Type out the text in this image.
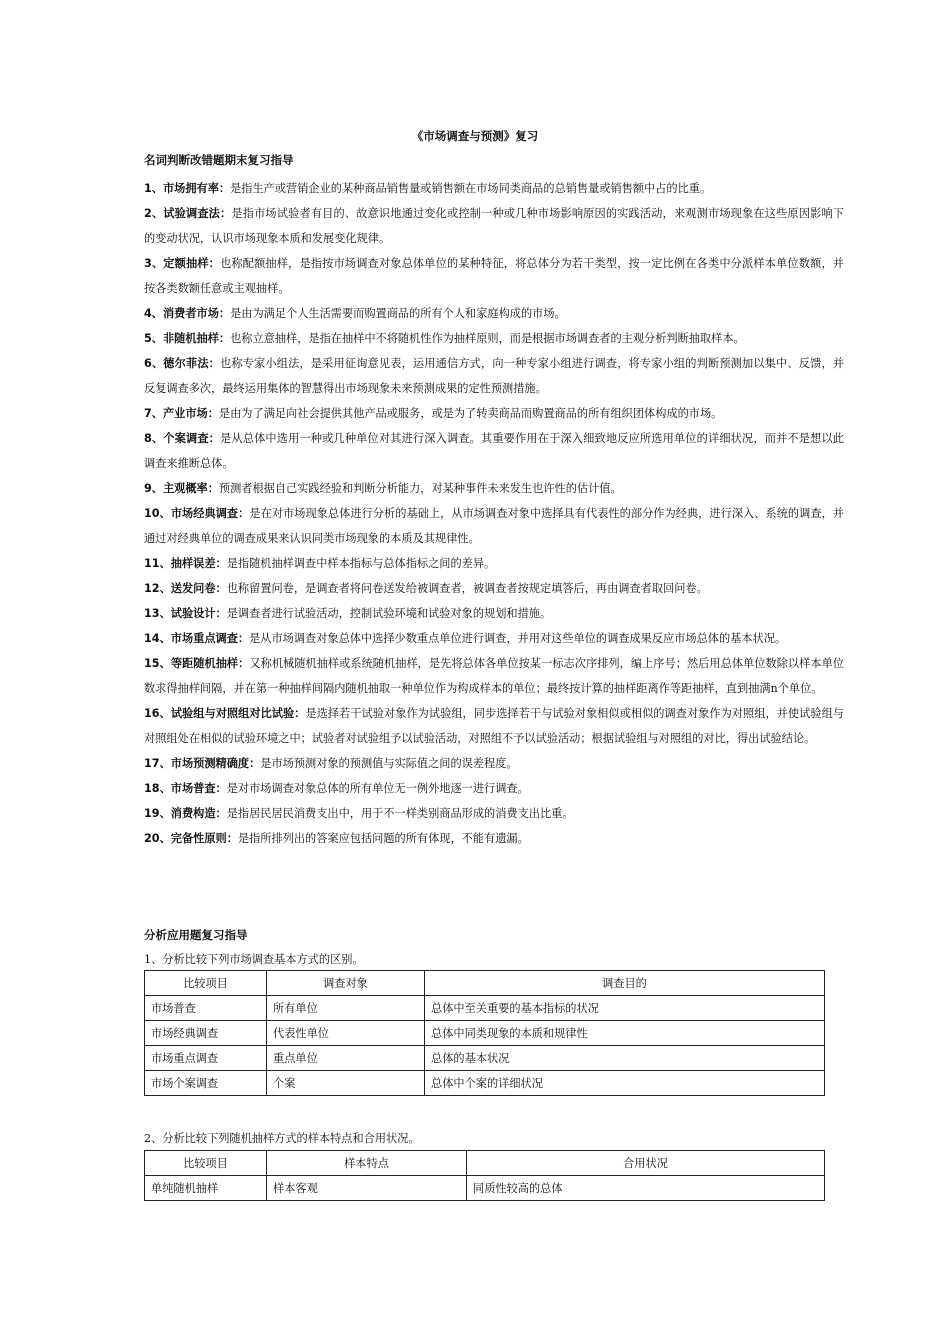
《市场调查与预测》复习
名词判断改错题期末复习指导

1、市场拥有率：是指生产或营销企业的某种商品销售量或销售额在市场同类商品的总销售量或销售额中占的比重。

2、试验调查法：是指市场试验者有目的、故意识地通过变化或控制一种或几种市场影响原因的实践活动，来观测市场现象在这些原因影响下的变动状况，认识市场现象本质和发展变化规律。

3、定额抽样：也称配额抽样，是指按市场调查对象总体单位的某种特征，将总体分为若干类型，按一定比例在各类中分派样本单位数额，并按各类数额任意或主观抽样。

4、消费者市场：是由为满足个人生活需要而购置商品的所有个人和家庭构成的市场。

5、非随机抽样：也称立意抽样，是指在抽样中不将随机性作为抽样原则，而是根据市场调查者的主观分析判断抽取样本。

6、德尔菲法：也称专家小组法，是采用征询意见表，运用通信方式，向一种专家小组进行调查，将专家小组的判断预测加以集中、反馈，并反复调查多次，最终运用集体的智慧得出市场现象未来预测成果的定性预测措施。

7、产业市场：是由为了满足向社会提供其他产品或服务，或是为了转卖商品而购置商品的所有组织团体构成的市场。

8、个案调查：是从总体中选用一种或几种单位对其进行深入调查。其重要作用在于深入细致地反应所选用单位的详细状况，而并不是想以此调查来推断总体。

9、主观概率：预测者根据自己实践经验和判断分析能力，对某种事件未来发生也许性的估计值。

10、市场经典调查：是在对市场现象总体进行分析的基础上，从市场调查对象中选择具有代表性的部分作为经典，进行深入、系统的调查，并通过对经典单位的调查成果来认识同类市场现象的本质及其规律性。

11、抽样误差：是指随机抽样调查中样本指标与总体指标之间的差异。

12、送发问卷：也称留置问卷，是调查者将问卷送发给被调查者，被调查者按规定填答后，再由调查者取回问卷。

13、试验设计：是调查者进行试验活动，控制试验环境和试验对象的规划和措施。

14、市场重点调查：是从市场调查对象总体中选择少数重点单位进行调查，并用对这些单位的调查成果反应市场总体的基本状况。

15、等距随机抽样：又称机械随机抽样或系统随机抽样，是先将总体各单位按某一标志次序排列，编上序号；然后用总体单位数除以样本单位数求得抽样间隔，并在第一种抽样间隔内随机抽取一种单位作为构成样本的单位；最终按计算的抽样距离作等距抽样，直到抽满n个单位。

16、试验组与对照组对比试验：是选择若干试验对象作为试验组，同步选择若干与试验对象相似或相似的调查对象作为对照组，并使试验组与对照组处在相似的试验环境之中；试验者对试验组予以试验活动，对照组不予以试验活动；根据试验组与对照组的对比，得出试验结论。

17、市场预测精确度：是市场预测对象的预测值与实际值之间的误差程度。

18、市场普查：是对市场调查对象总体的所有单位无一例外地逐一进行调查。

19、消费构造：是指居民居民消费支出中，用于不一样类别商品形成的消费支出比重。

20、完备性原则：是指所排列出的答案应包括问题的所有体现，不能有遗漏。

分析应用题复习指导
1、分析比较下列市场调查基本方式的区别。
比较项目	调查对象	调查目的
市场普查	所有单位	总体中至关重要的基本指标的状况
市场经典调查	代表性单位	总体中同类现象的本质和规律性
市场重点调查	重点单位	总体的基本状况
市场个案调查	个案	总体中个案的详细状况
2、分析比较下列随机抽样方式的样本特点和合用状况。
比较项目	样本特点	合用状况
单纯随机抽样	样本客观	同质性较高的总体
